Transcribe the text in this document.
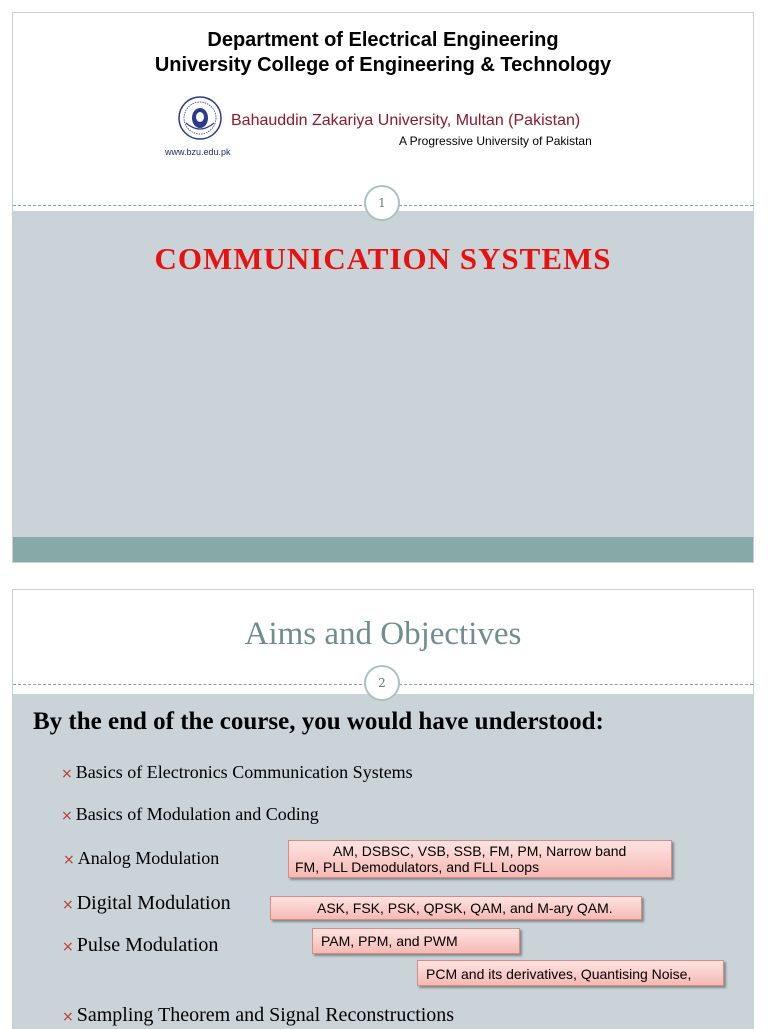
Department of Electrical Engineering
University College of Engineering & Technology
Bahauddin Zakariya University, Multan (Pakistan)
A Progressive University of Pakistan
www.bzu.edu.pk
COMMUNICATION SYSTEMS
1
Aims and Objectives
By the end of the course, you would have understood:
× Basics of Electronics Communication Systems
× Basics of Modulation and Coding
× Analog Modulation
× Digital Modulation
× Pulse Modulation
× Sampling Theorem and Signal Reconstructions
AM, DSBSC, VSB, SSB, FM, PM, Narrow band
FM, PLL Demodulators, and FLL Loops
ASK, FSK, PSK, QPSK, QAM, and M-ary QAM.
PAM, PPM, and PWM
PCM and its derivatives, Quantising Noise,
2
